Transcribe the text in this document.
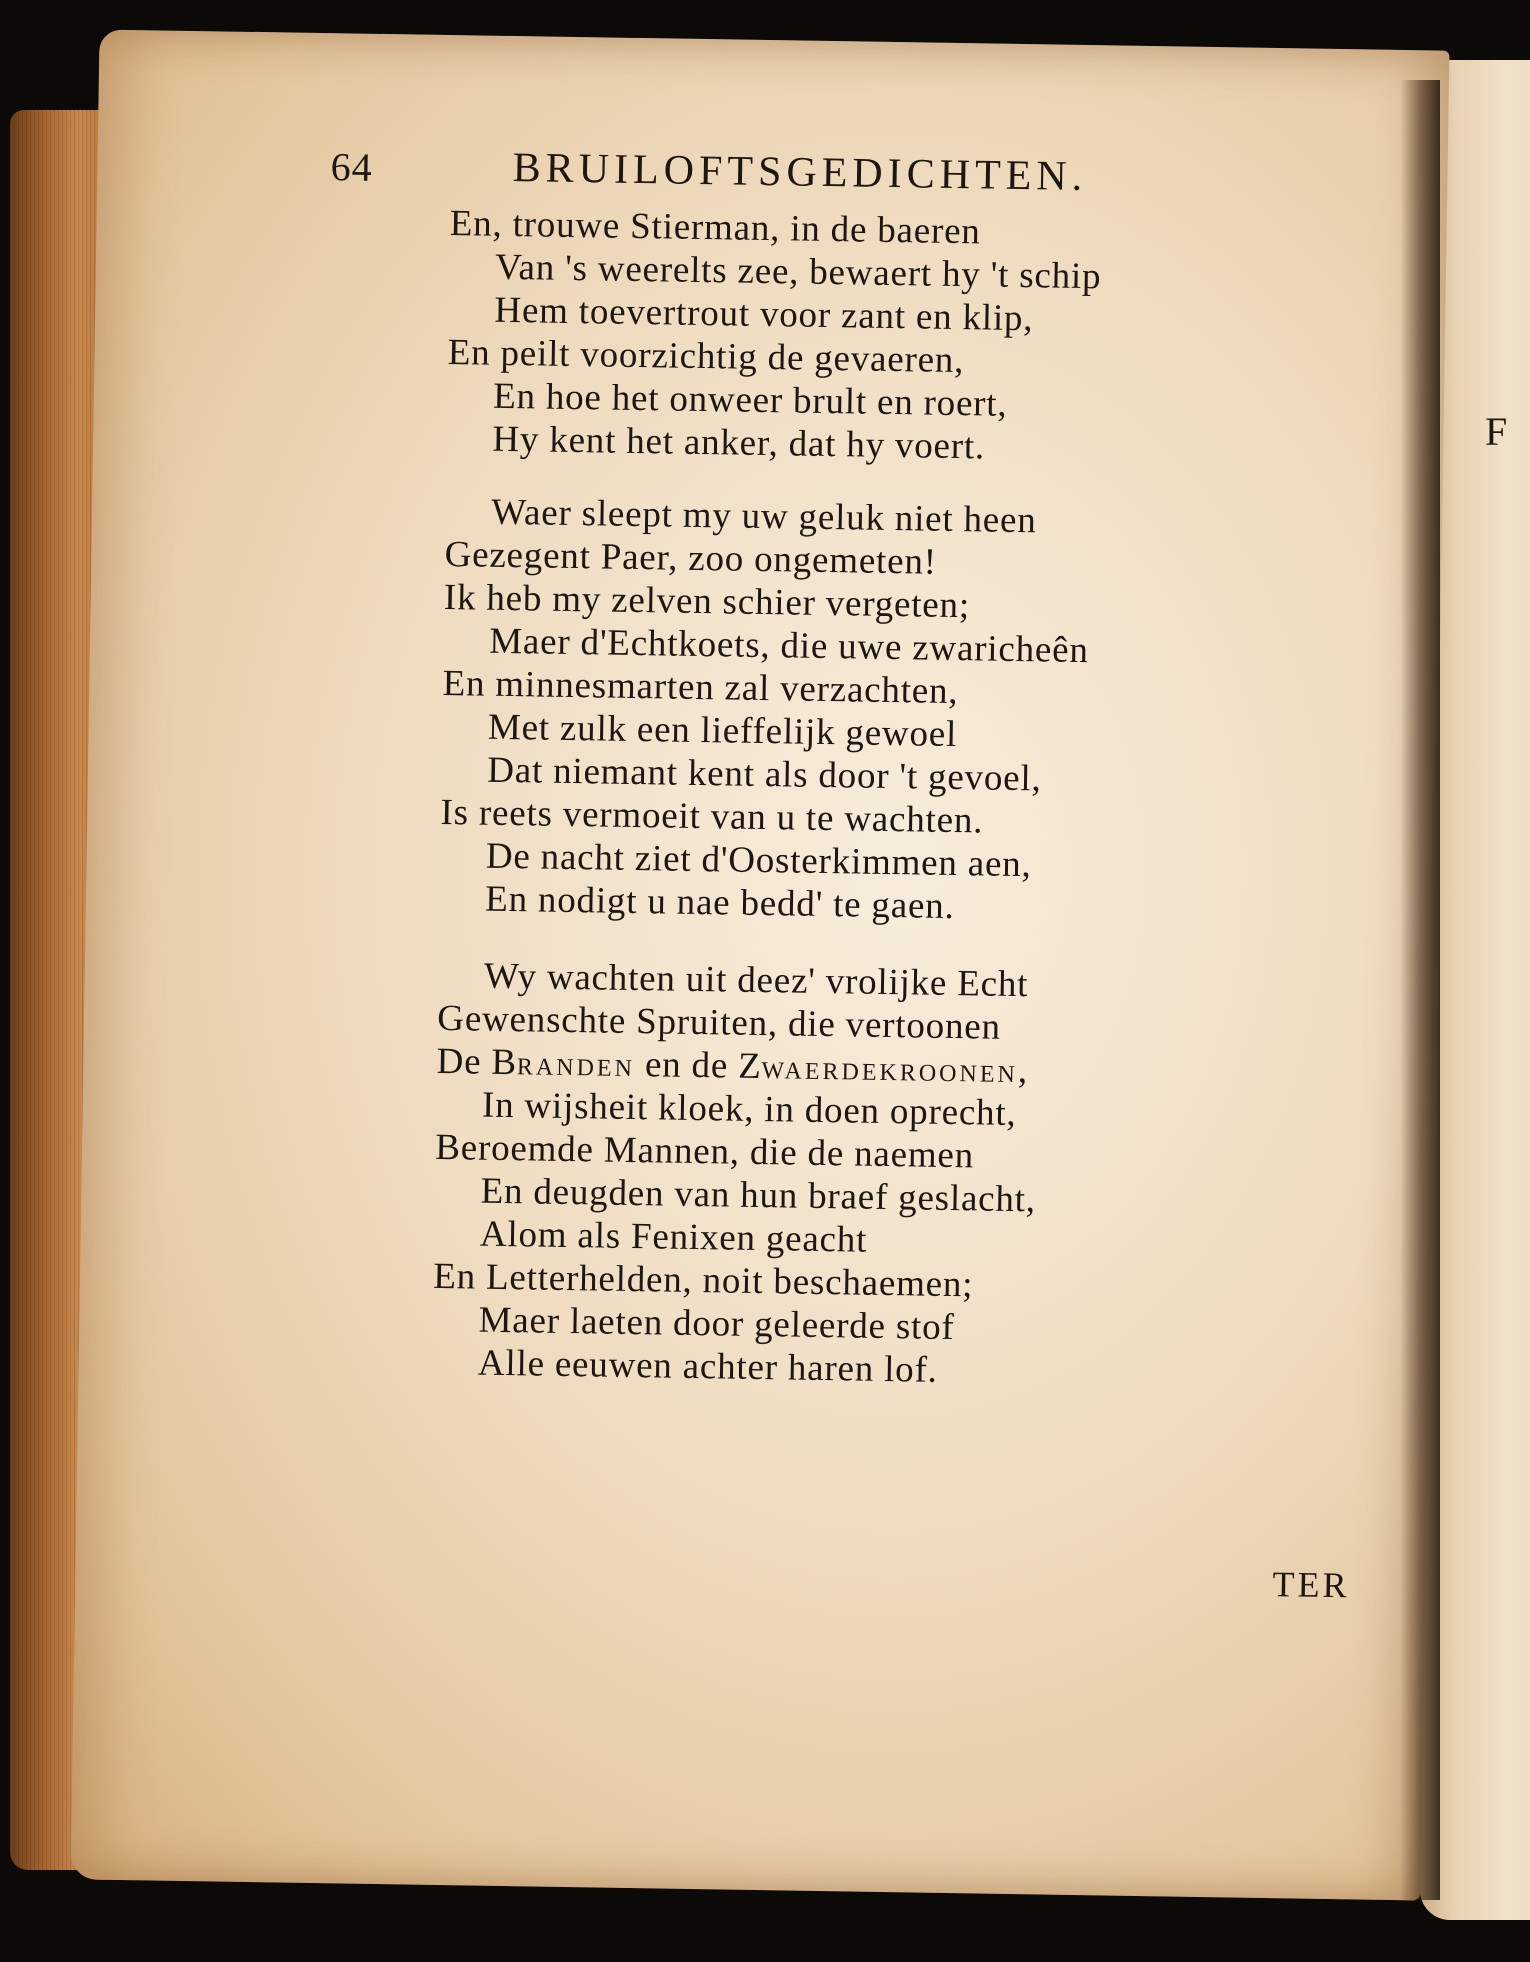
F
64	BRUILOFTSGEDICHTEN.
En, trouwe Stierman, in de baeren
Van 's weerelts zee, bewaert hy 't schip
Hem toevertrout voor zant en klip,
En peilt voorzichtig de gevaeren,
En hoe het onweer brult en roert,
Hy kent het anker, dat hy voert.
Waer sleept my uw geluk niet heen
Gezegent Paer, zoo ongemeten!
Ik heb my zelven schier vergeten;
Maer d'Echtkoets, die uwe zwaricheên
En minnesmarten zal verzachten,
Met zulk een lieffelijk gewoel
Dat niemant kent als door 't gevoel,
Is reets vermoeit van u te wachten.
De nacht ziet d'Oosterkimmen aen,
En nodigt u nae bedd' te gaen.
Wy wachten uit deez' vrolijke Echt
Gewenschte Spruiten, die vertoonen
De BRANDEN en de ZWAERDEKROONEN,
In wijsheit kloek, in doen oprecht,
Beroemde Mannen, die de naemen
En deugden van hun braef geslacht,
Alom als Fenixen geacht
En Letterhelden, noit beschaemen;
Maer laeten door geleerde stof
Alle eeuwen achter haren lof.
TER
